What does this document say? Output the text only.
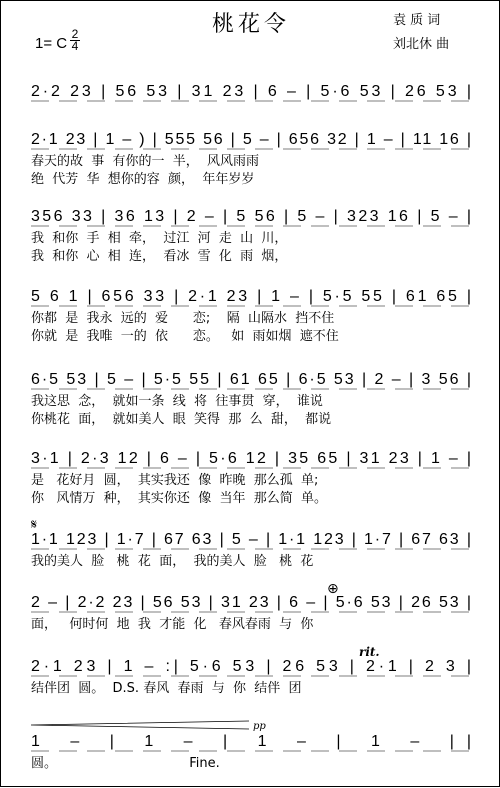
桃花令
1= C
2
4
袁 质 词
刘北休 曲
2·2 23 | 56 53 | 31 23 | 6 – | 5·6 53 | 26 53 |
2·1 23 | 1 – ) | 555 56 | 5 – | 656 32 | 1 – | 11 16 |
356 33 | 36 13 | 2 – | 5 56 | 5 – | 323 16 | 5 – |
5 6 1 | 656 33 | 2·1 23 | 1 – | 5·5 55 | 61 65 |
6·5 53 | 5 – | 5·5 55 | 61 65 | 6·5 53 | 2 – | 3 56 |
3·1 | 2·3 12 | 6 – | 5·6 12 | 35 65 | 31 23 | 1 – |
1·1 123 | 1·7 | 67 63 | 5 – | 1·1 123 | 1·7 | 67 63 |
2 – | 2·2 23 | 56 53 | 31 23 | 6 – | 5·6 53 | 26 53 |
2·1 23 | 1 – :| 5·6 53 | 26 53 | 2·1 | 2 3 |
1 – | 1 – | 1 – | 1 – ||
春天的故  事  有你的一  半，  风风雨雨
绝  代芳  华  想你的容  颜，  年年岁岁
我  和你  手  相  牵，  过江  河  走  山  川，
我  和你  心  相  连，  看冰  雪  化  雨  烟，
你都  是  我永  远的  爱      恋;    隔  山隔水  挡不住
你就  是  我唯  一的  依      恋。   如  雨如烟  遮不住
我这思  念，  就如一条  线  将  往事贯  穿，  谁说
你桃花  面，  就如美人  眼  笑得  那  么  甜，  都说
是   花好月  圆，  其实我还  像  昨晚  那么孤  单;
你   风情万  种，  其实你还  像  当年  那么简  单。
我的美人  脸   桃  花  面，  我的美人  脸   桃  花
面，   何时何  地  我  才能  化   春风春雨  与  你
结伴团  圆。  D.S. 春风  春雨  与  你  结伴  团
圆。                                Fine.
rit.
pp
𝄋
⊕
